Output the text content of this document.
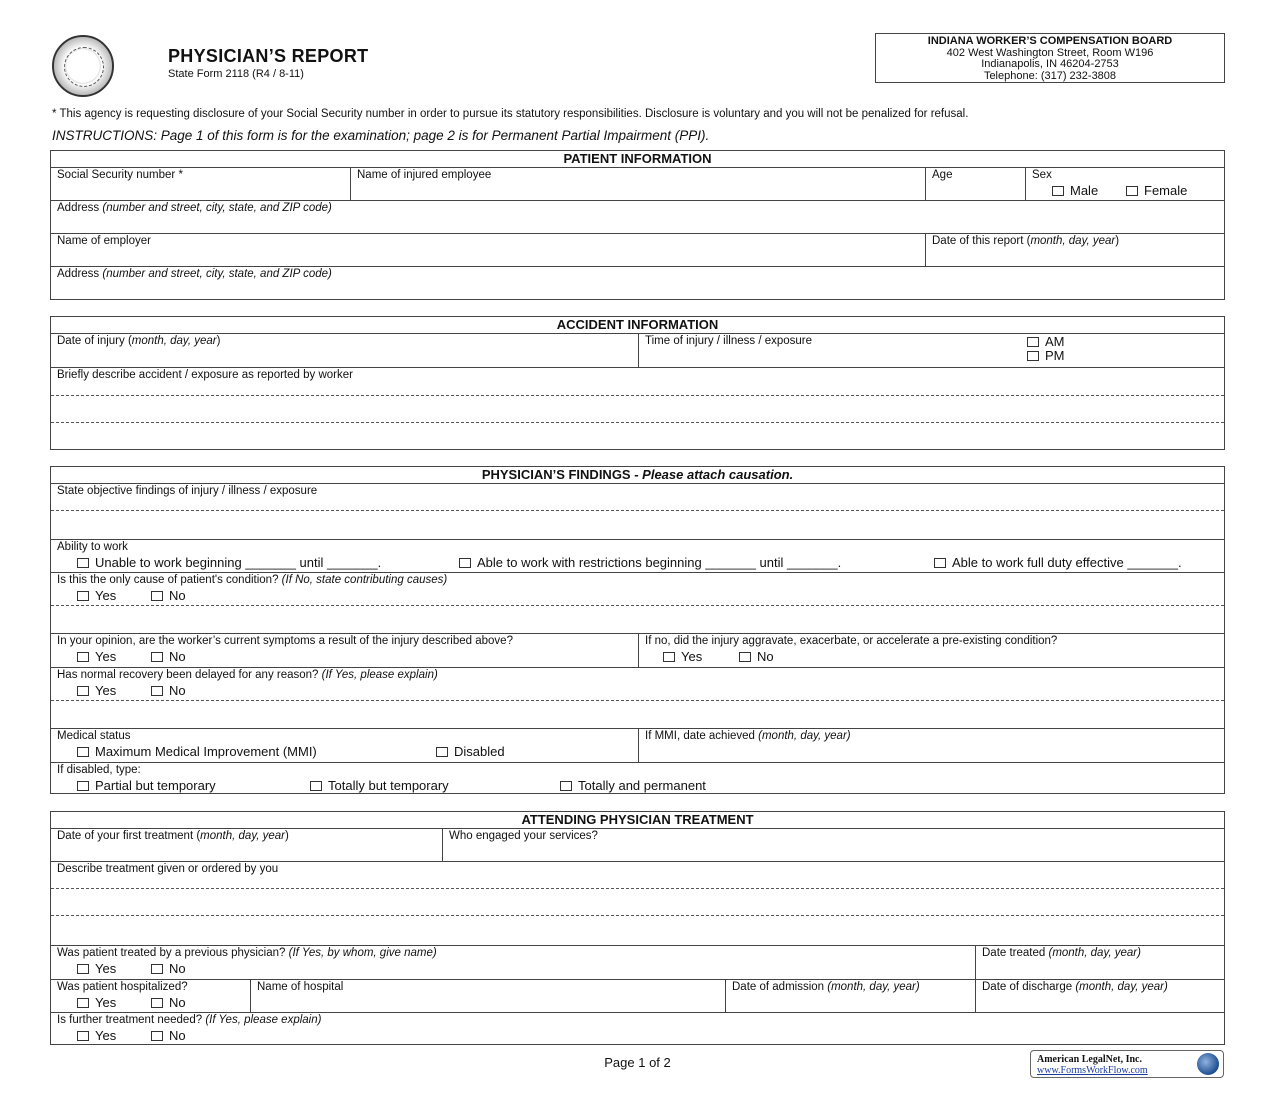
PHYSICIAN’S REPORT
State Form 2118 (R4 / 8-11)
INDIANA WORKER’S COMPENSATION BOARD
402 West Washington Street, Room W196
Indianapolis, IN 46204-2753
Telephone: (317) 232-3808
* This agency is requesting disclosure of your Social Security number in order to pursue its statutory responsibilities. Disclosure is voluntary and you will not be penalized for refusal.
INSTRUCTIONS: Page 1 of this form is for the examination; page 2 is for Permanent Partial Impairment (PPI).
PATIENT INFORMATION
Social Security number *	Name of injured employee	Age	Sex
Male	Female
Address (number and street, city, state, and ZIP code)
Name of employer	Date of this report (month, day, year)
Address (number and street, city, state, and ZIP code)
ACCIDENT INFORMATION
Date of injury (month, day, year)	Time of injury / illness / exposure	AM
PM
Briefly describe accident / exposure as reported by worker
PHYSICIAN’S FINDINGS - Please attach causation.
State objective findings of injury / illness / exposure
Ability to work
Unable to work beginning _______ until _______.	Able to work with restrictions beginning _______ until _______.	Able to work full duty effective _______.
Is this the only cause of patient's condition? (If No, state contributing causes)
Yes	No
In your opinion, are the worker’s current symptoms a result of the injury described above?
Yes	No
If no, did the injury aggravate, exacerbate, or accelerate a pre-existing condition?
Yes	No
Has normal recovery been delayed for any reason? (If Yes, please explain)
Yes	No
Medical status
Maximum Medical Improvement (MMI)	Disabled
If MMI, date achieved (month, day, year)
If disabled, type:
Partial but temporary	Totally but temporary	Totally and permanent
ATTENDING PHYSICIAN TREATMENT
Date of your first treatment (month, day, year)	Who engaged your services?
Describe treatment given or ordered by you
Was patient treated by a previous physician? (If Yes, by whom, give name)
Yes	No
Date treated (month, day, year)
Was patient hospitalized?
Yes	No
Name of hospital	Date of admission (month, day, year)	Date of discharge (month, day, year)
Is further treatment needed? (If Yes, please explain)
Yes	No
Page 1 of 2	American LegalNet, Inc.
www.FormsWorkFlow.com
